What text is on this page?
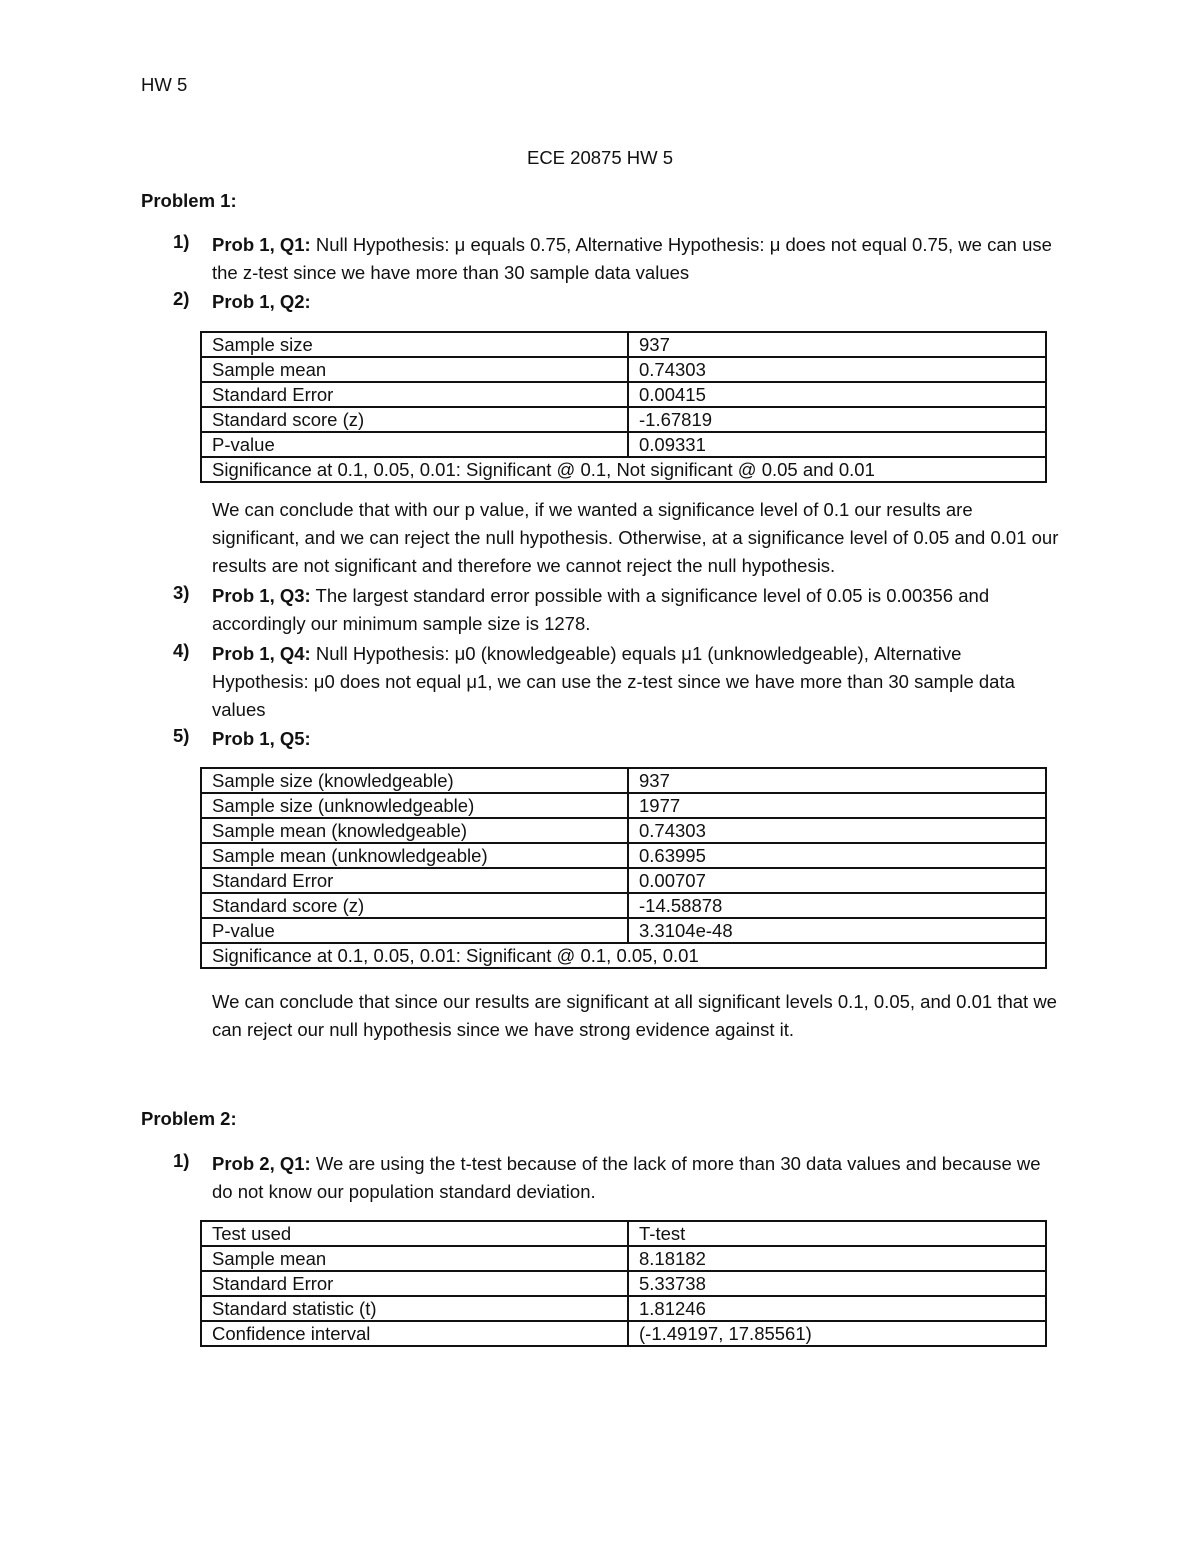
HW 5
ECE 20875 HW 5
Problem 1:
1) Prob 1, Q1: Null Hypothesis: μ equals 0.75, Alternative Hypothesis: μ does not equal 0.75, we can use the z-test since we have more than 30 sample data values
2) Prob 1, Q2:
Sample size	937
Sample mean	0.74303
Standard Error	0.00415
Standard score (z)	-1.67819
P-value	0.09331
Significance at 0.1, 0.05, 0.01: Significant @ 0.1, Not significant @ 0.05 and 0.01	
We can conclude that with our p value, if we wanted a significance level of 0.1 our results are significant, and we can reject the null hypothesis. Otherwise, at a significance level of 0.05 and 0.01 our results are not significant and therefore we cannot reject the null hypothesis.
3) Prob 1, Q3: The largest standard error possible with a significance level of 0.05 is 0.00356 and accordingly our minimum sample size is 1278.
4) Prob 1, Q4: Null Hypothesis: μ0 (knowledgeable) equals μ1 (unknowledgeable), Alternative Hypothesis: μ0 does not equal μ1, we can use the z-test since we have more than 30 sample data values
5) Prob 1, Q5:
Sample size (knowledgeable)	937
Sample size (unknowledgeable)	1977
Sample mean (knowledgeable)	0.74303
Sample mean (unknowledgeable)	0.63995
Standard Error	0.00707
Standard score (z)	-14.58878
P-value	3.3104e-48
Significance at 0.1, 0.05, 0.01: Significant @ 0.1, 0.05, 0.01	
We can conclude that since our results are significant at all significant levels 0.1, 0.05, and 0.01 that we can reject our null hypothesis since we have strong evidence against it.
Problem 2:
1) Prob 2, Q1: We are using the t-test because of the lack of more than 30 data values and because we do not know our population standard deviation.
Test used	T-test
Sample mean	8.18182
Standard Error	5.33738
Standard statistic (t)	1.81246
Confidence interval	(-1.49197, 17.85561)
